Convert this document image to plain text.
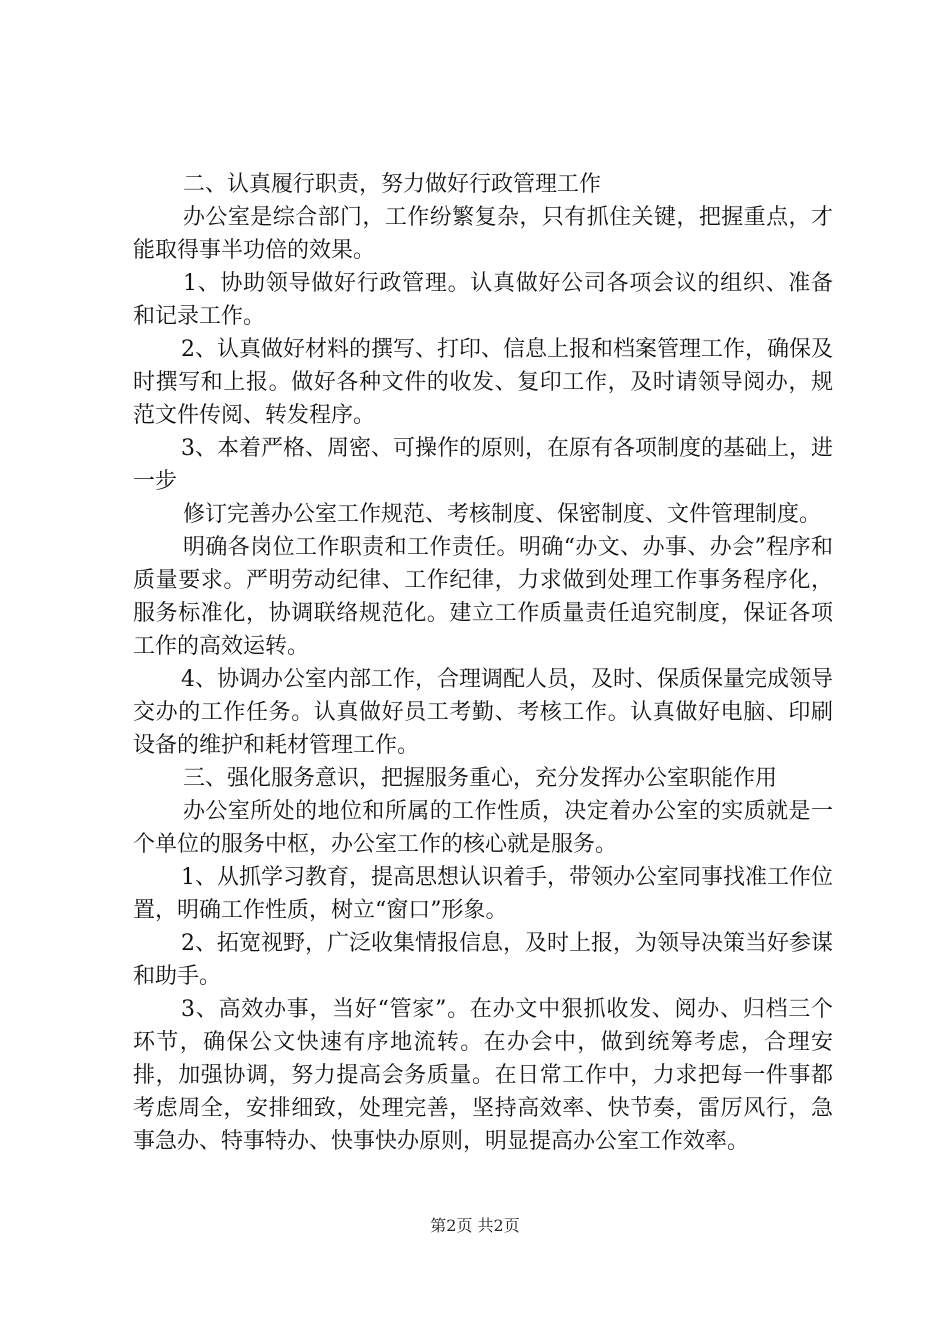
二、认真履行职责，努力做好行政管理工作

办公室是综合部门，工作纷繁复杂，只有抓住关键，把握重点，才能取得事半功倍的效果。

1、协助领导做好行政管理。认真做好公司各项会议的组织、准备和记录工作。

2、认真做好材料的撰写、打印、信息上报和档案管理工作，确保及时撰写和上报。做好各种文件的收发、复印工作，及时请领导阅办，规范文件传阅、转发程序。

3、本着严格、周密、可操作的原则，在原有各项制度的基础上，进一步

修订完善办公室工作规范、考核制度、保密制度、文件管理制度。

明确各岗位工作职责和工作责任。明确“办文、办事、办会”程序和质量要求。严明劳动纪律、工作纪律，力求做到处理工作事务程序化，服务标准化，协调联络规范化。建立工作质量责任追究制度，保证各项工作的高效运转。

4、协调办公室内部工作，合理调配人员，及时、保质保量完成领导交办的工作任务。认真做好员工考勤、考核工作。认真做好电脑、印刷设备的维护和耗材管理工作。

三、强化服务意识，把握服务重心，充分发挥办公室职能作用

办公室所处的地位和所属的工作性质，决定着办公室的实质就是一个单位的服务中枢，办公室工作的核心就是服务。

1、从抓学习教育，提高思想认识着手，带领办公室同事找准工作位置，明确工作性质，树立“窗口”形象。

2、拓宽视野，广泛收集情报信息，及时上报，为领导决策当好参谋和助手。

3、高效办事，当好“管家”。在办文中狠抓收发、阅办、归档三个环节，确保公文快速有序地流转。在办会中，做到统筹考虑，合理安排，加强协调，努力提高会务质量。在日常工作中，力求把每一件事都考虑周全，安排细致，处理完善，坚持高效率、快节奏，雷厉风行，急事急办、特事特办、快事快办原则，明显提高办公室工作效率。

第2页 共2页
